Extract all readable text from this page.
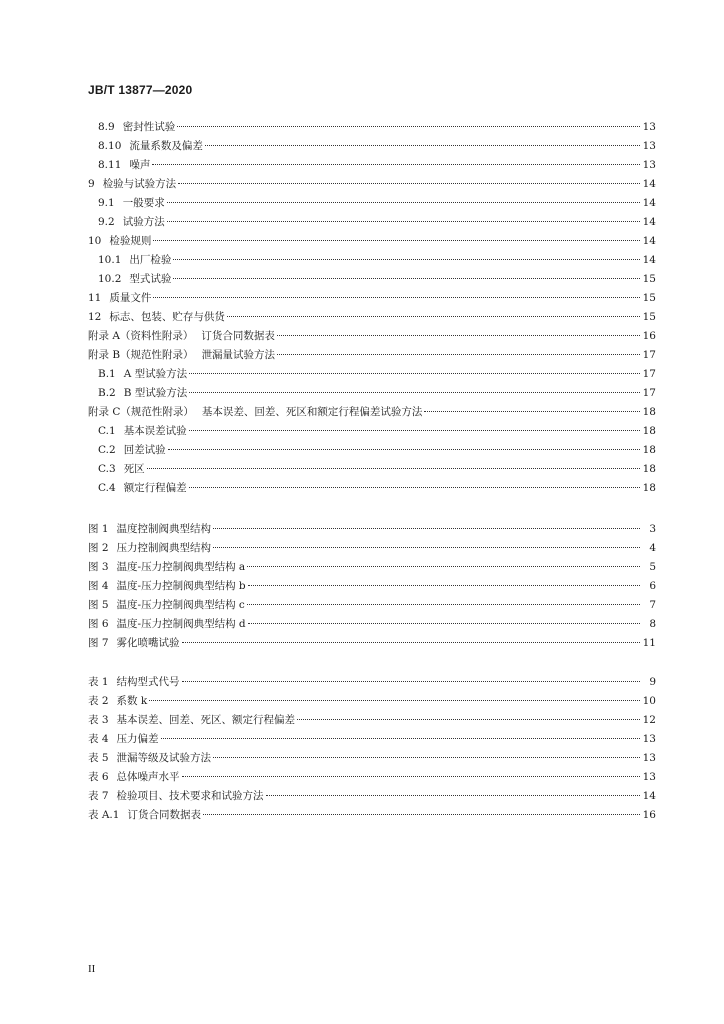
JB/T 13877—2020
8.9 密封性试验	13
8.10 流量系数及偏差	13
8.11 噪声	13
9 检验与试验方法	14
9.1 一般要求	14
9.2 试验方法	14
10 检验规则	14
10.1 出厂检验	14
10.2 型式试验	15
11 质量文件	15
12 标志、包装、贮存与供货	15
附录 A（资料性附录） 订货合同数据表	16
附录 B（规范性附录） 泄漏量试验方法	17
B.1 A 型试验方法	17
B.2 B 型试验方法	17
附录 C（规范性附录） 基本误差、回差、死区和额定行程偏差试验方法	18
C.1 基本误差试验	18
C.2 回差试验	18
C.3 死区	18
C.4 额定行程偏差	18
图 1 温度控制阀典型结构	3
图 2 压力控制阀典型结构	4
图 3 温度-压力控制阀典型结构 a	5
图 4 温度-压力控制阀典型结构 b	6
图 5 温度-压力控制阀典型结构 c	7
图 6 温度-压力控制阀典型结构 d	8
图 7 雾化喷嘴试验	11
表 1 结构型式代号	9
表 2 系数 k	10
表 3 基本误差、回差、死区、额定行程偏差	12
表 4 压力偏差	13
表 5 泄漏等级及试验方法	13
表 6 总体噪声水平	13
表 7 检验项目、技术要求和试验方法	14
表 A.1 订货合同数据表	16
II
